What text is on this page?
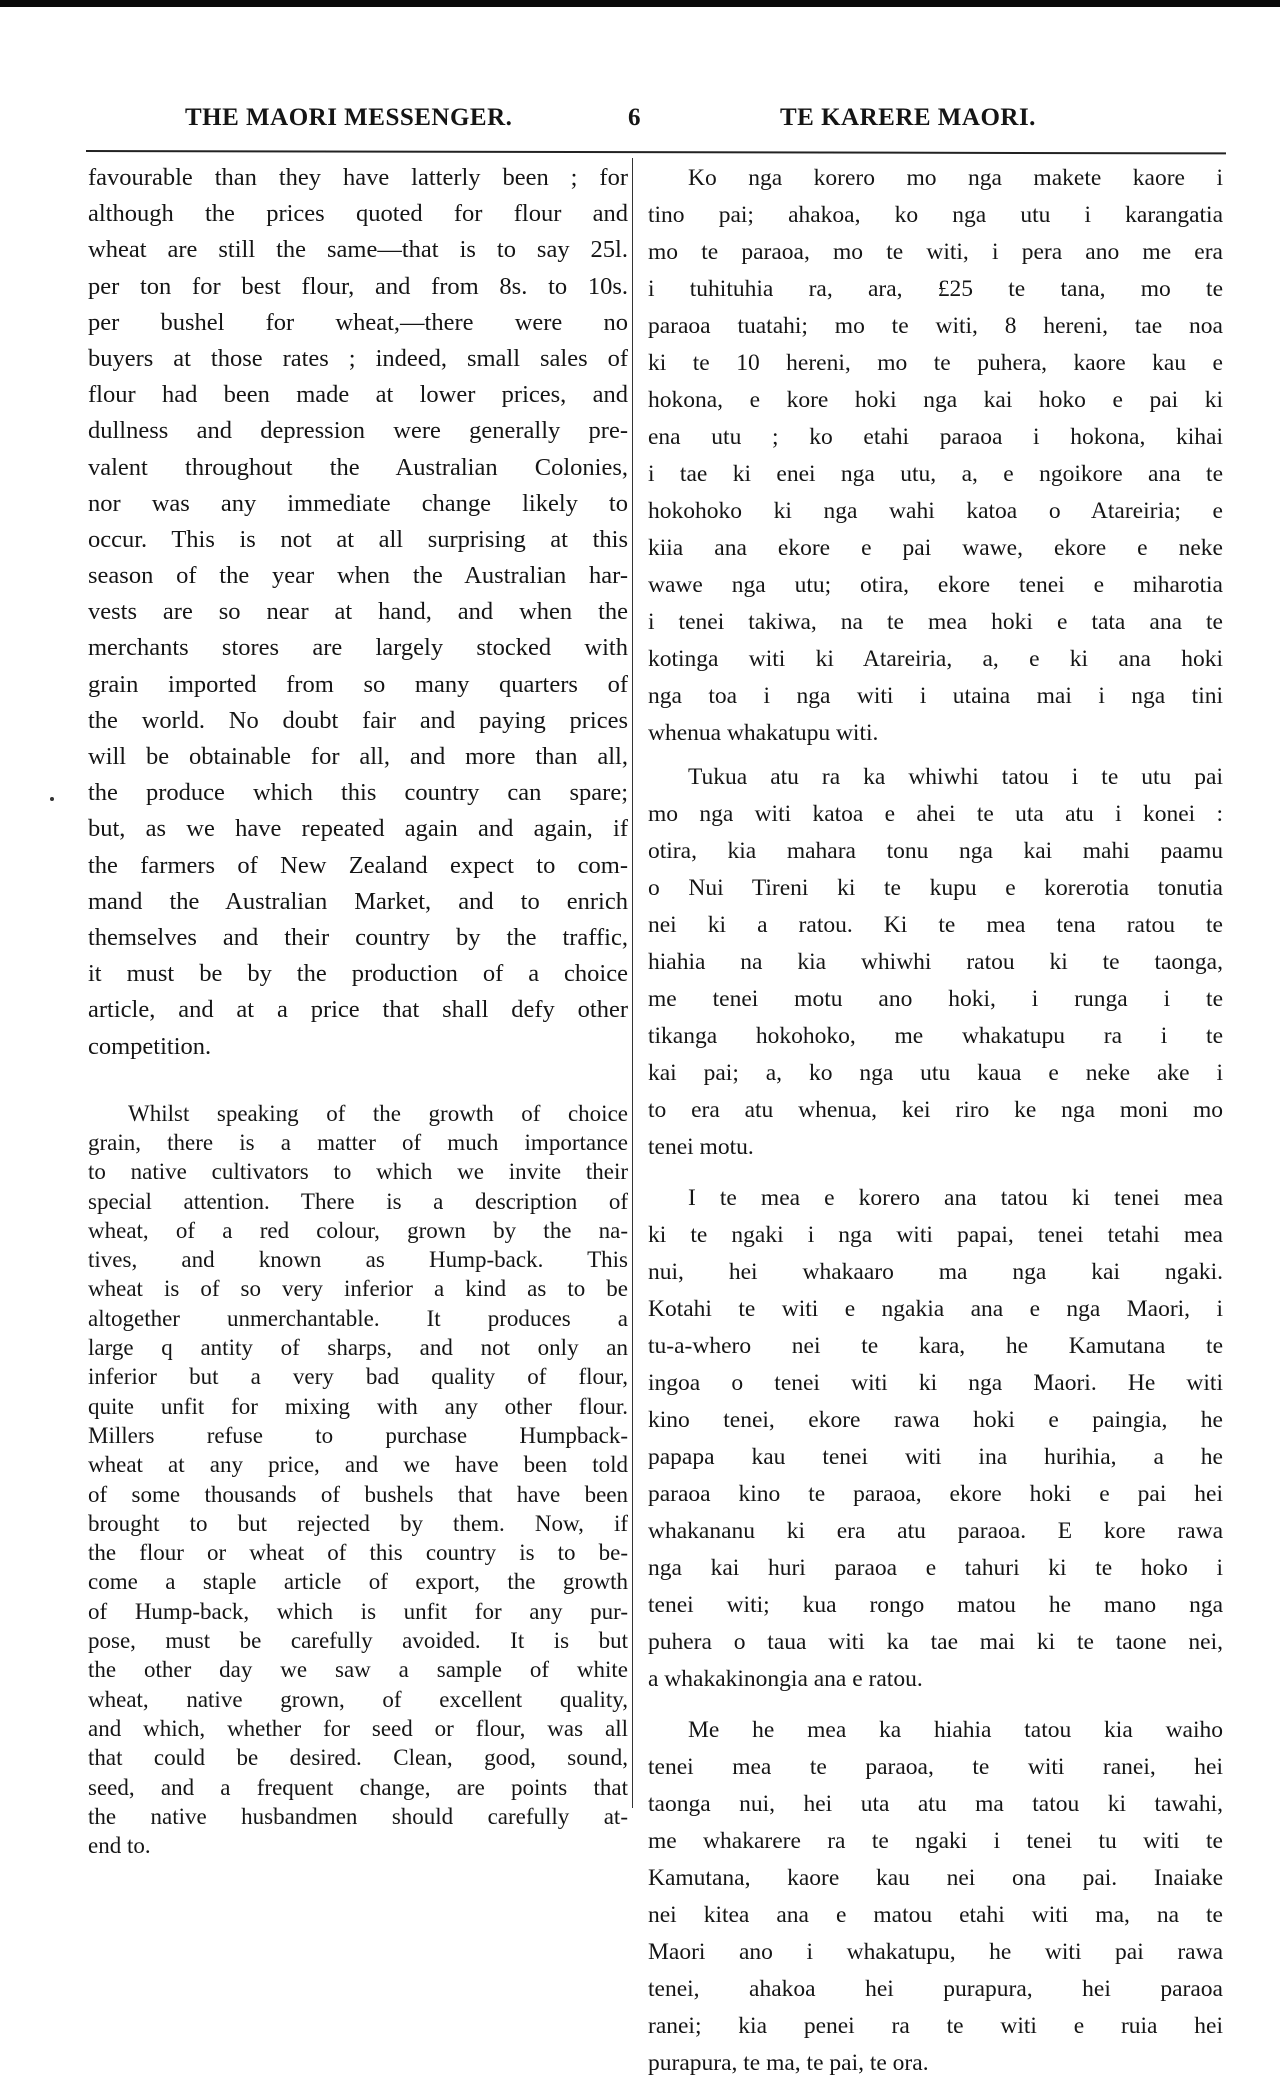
THE MAORI MESSENGER.	6	TE KARERE MAORI.
favourable than they have latterly been ; for
although the prices quoted for flour and
wheat are still the same—that is to say 25l.
per ton for best flour, and from 8s. to 10s.
per bushel for wheat,—there were no
buyers at those rates ; indeed, small sales of
flour had been made at lower prices, and
dullness and depression were generally pre-
valent throughout the Australian Colonies,
nor was any immediate change likely to
occur. This is not at all surprising at this
season of the year when the Australian har-
vests are so near at hand, and when the
merchants stores are largely stocked with
grain imported from so many quarters of
the world. No doubt fair and paying prices
will be obtainable for all, and more than all,
the produce which this country can spare;
but, as we have repeated again and again, if
the farmers of New Zealand expect to com-
mand the Australian Market, and to enrich
themselves and their country by the traffic,
it must be by the production of a choice
article, and at a price that shall defy other
competition.
Whilst speaking of the growth of choice
grain, there is a matter of much importance
to native cultivators to which we invite their
special attention. There is a description of
wheat, of a red colour, grown by the na-
tives, and known as Hump-back. This
wheat is of so very inferior a kind as to be
altogether unmerchantable. It produces a
large q antity of sharps, and not only an
inferior but a very bad quality of flour,
quite unfit for mixing with any other flour.
Millers refuse to purchase Humpback-
wheat at any price, and we have been told
of some thousands of bushels that have been
brought to but rejected by them. Now, if
the flour or wheat of this country is to be-
come a staple article of export, the growth
of Hump-back, which is unfit for any pur-
pose, must be carefully avoided. It is but
the other day we saw a sample of white
wheat, native grown, of excellent quality,
and which, whether for seed or flour, was all
that could be desired. Clean, good, sound,
seed, and a frequent change, are points that
the native husbandmen should carefully at-
end to.
Ko nga korero mo nga makete kaore i
tino pai; ahakoa, ko nga utu i karangatia
mo te paraoa, mo te witi, i pera ano me era
i tuhituhia ra, ara, £25 te tana, mo te
paraoa tuatahi; mo te witi, 8 hereni, tae noa
ki te 10 hereni, mo te puhera, kaore kau e
hokona, e kore hoki nga kai hoko e pai ki
ena utu ; ko etahi paraoa i hokona, kihai
i tae ki enei nga utu, a, e ngoikore ana te
hokohoko ki nga wahi katoa o Atareiria; e
kiia ana ekore e pai wawe, ekore e neke
wawe nga utu; otira, ekore tenei e miharotia
i tenei takiwa, na te mea hoki e tata ana te
kotinga witi ki Atareiria, a, e ki ana hoki
nga toa i nga witi i utaina mai i nga tini
whenua whakatupu witi.
Tukua atu ra ka whiwhi tatou i te utu pai
mo nga witi katoa e ahei te uta atu i konei :
otira, kia mahara tonu nga kai mahi paamu
o Nui Tireni ki te kupu e korerotia tonutia
nei ki a ratou. Ki te mea tena ratou te
hiahia na kia whiwhi ratou ki te taonga,
me tenei motu ano hoki, i runga i te
tikanga hokohoko, me whakatupu ra i te
kai pai; a, ko nga utu kaua e neke ake i
to era atu whenua, kei riro ke nga moni mo
tenei motu.
I te mea e korero ana tatou ki tenei mea
ki te ngaki i nga witi papai, tenei tetahi mea
nui, hei whakaaro ma nga kai ngaki.
Kotahi te witi e ngakia ana e nga Maori, i
tu-a-whero nei te kara, he Kamutana te
ingoa o tenei witi ki nga Maori. He witi
kino tenei, ekore rawa hoki e paingia, he
papapa kau tenei witi ina hurihia, a he
paraoa kino te paraoa, ekore hoki e pai hei
whakananu ki era atu paraoa. E kore rawa
nga kai huri paraoa e tahuri ki te hoko i
tenei witi; kua rongo matou he mano nga
puhera o taua witi ka tae mai ki te taone nei,
a whakakinongia ana e ratou.
Me he mea ka hiahia tatou kia waiho
tenei mea te paraoa, te witi ranei, hei
taonga nui, hei uta atu ma tatou ki tawahi,
me whakarere ra te ngaki i tenei tu witi te
Kamutana, kaore kau nei ona pai. Inaiake
nei kitea ana e matou etahi witi ma, na te
Maori ano i whakatupu, he witi pai rawa
tenei, ahakoa hei purapura, hei paraoa
ranei; kia penei ra te witi e ruia hei
purapura, te ma, te pai, te ora.
